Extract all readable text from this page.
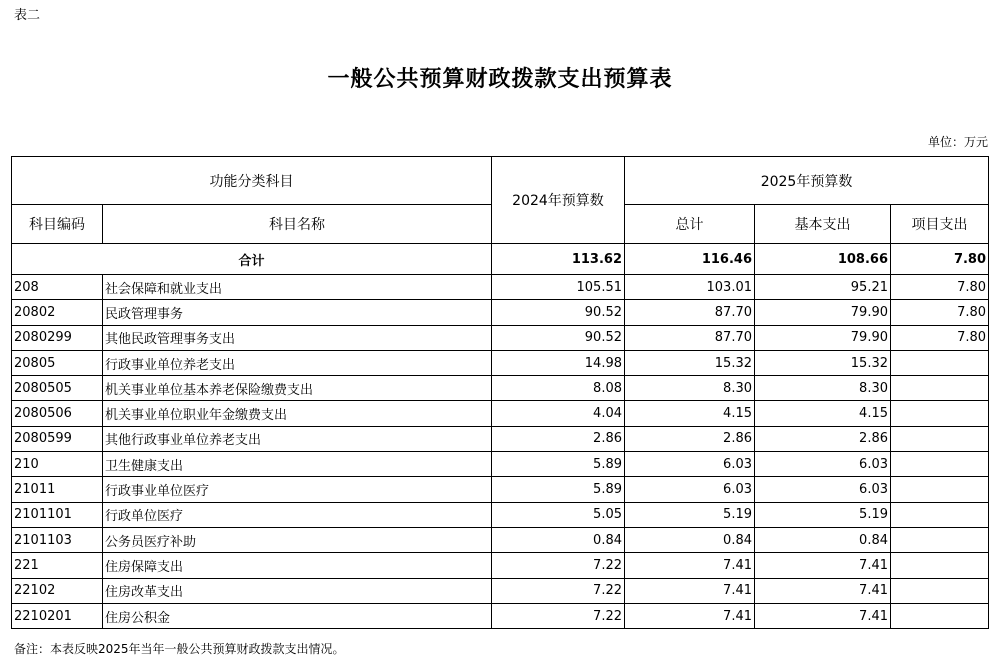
表二
一般公共预算财政拨款支出预算表
单位：万元
功能分类科目		2024年预算数	2025年预算数		
科目编码	科目名称		总计	基本支出	项目支出
合计		113.62	116.46	108.66	7.80
208	社会保障和就业支出	105.51	103.01	95.21	7.80
20802	民政管理事务	90.52	87.70	79.90	7.80
2080299	其他民政管理事务支出	90.52	87.70	79.90	7.80
20805	行政事业单位养老支出	14.98	15.32	15.32	
2080505	机关事业单位基本养老保险缴费支出	8.08	8.30	8.30	
2080506	机关事业单位职业年金缴费支出	4.04	4.15	4.15	
2080599	其他行政事业单位养老支出	2.86	2.86	2.86	
210	卫生健康支出	5.89	6.03	6.03	
21011	行政事业单位医疗	5.89	6.03	6.03	
2101101	行政单位医疗	5.05	5.19	5.19	
2101103	公务员医疗补助	0.84	0.84	0.84	
221	住房保障支出	7.22	7.41	7.41	
22102	住房改革支出	7.22	7.41	7.41	
2210201	住房公积金	7.22	7.41	7.41	
备注：本表反映2025年当年一般公共预算财政拨款支出情况。
